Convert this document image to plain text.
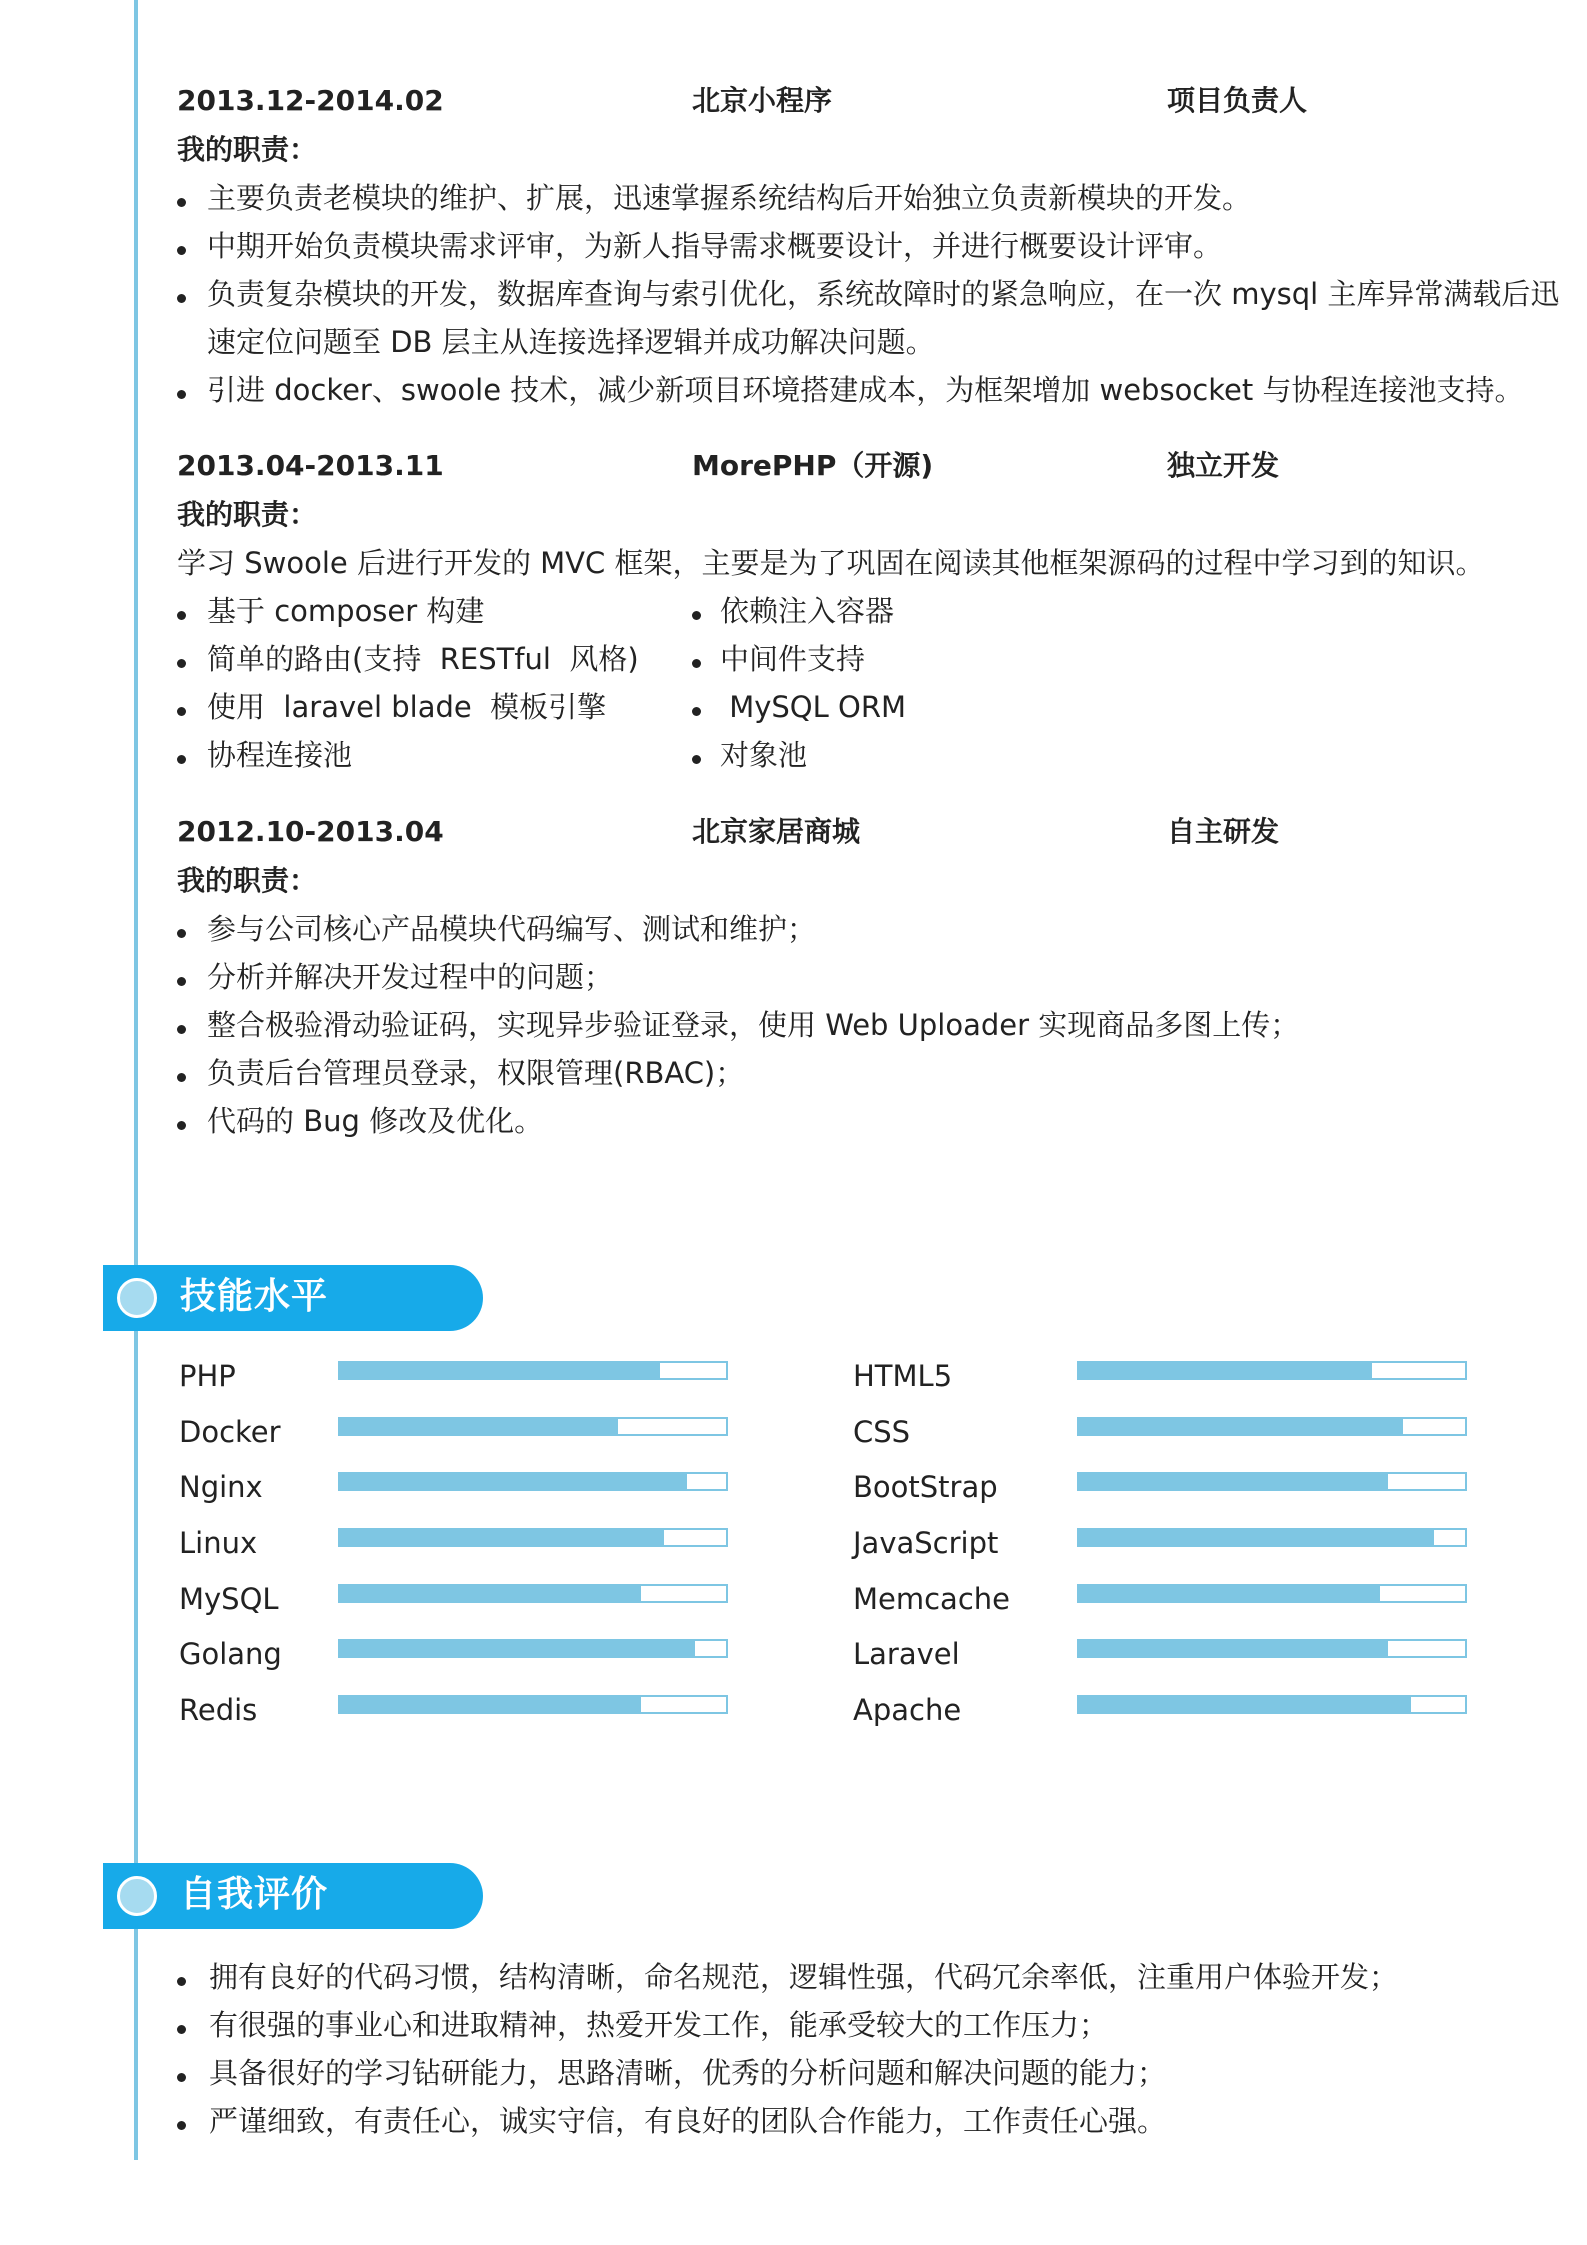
2013.12-2014.02	北京小程序	项目负责人
我的职责：
主要负责老模块的维护、扩展，迅速掌握系统结构后开始独立负责新模块的开发。
中期开始负责模块需求评审，为新人指导需求概要设计，并进行概要设计评审。
负责复杂模块的开发，数据库查询与索引优化，系统故障时的紧急响应，在一次 mysql 主库异常满载后迅
速定位问题至 DB 层主从连接选择逻辑并成功解决问题。
引进 docker、swoole 技术，减少新项目环境搭建成本，为框架增加 websocket 与协程连接池支持。
2013.04-2013.11	MorePHP（开源)	独立开发
我的职责：
学习 Swoole 后进行开发的 MVC 框架，主要是为了巩固在阅读其他框架源码的过程中学习到的知识。
基于 composer 构建	依赖注入容器
简单的路由(支持  RESTful  风格)	中间件支持
使用  laravel blade  模板引擎	MySQL ORM
协程连接池	对象池
2012.10-2013.04	北京家居商城	自主研发
我的职责：
参与公司核心产品模块代码编写、测试和维护；
分析并解决开发过程中的问题；
整合极验滑动验证码，实现异步验证登录，使用 Web Uploader 实现商品多图上传；
负责后台管理员登录，权限管理(RBAC)；
代码的 Bug 修改及优化。
技能水平
PHP
Docker
Nginx
Linux
MySQL
Golang
Redis
HTML5
CSS
BootStrap
JavaScript
Memcache
Laravel
Apache
自我评价
拥有良好的代码习惯，结构清晰，命名规范，逻辑性强，代码冗余率低，注重用户体验开发；
有很强的事业心和进取精神，热爱开发工作，能承受较大的工作压力；
具备很好的学习钻研能力，思路清晰，优秀的分析问题和解决问题的能力；
严谨细致，有责任心，诚实守信，有良好的团队合作能力，工作责任心强。
